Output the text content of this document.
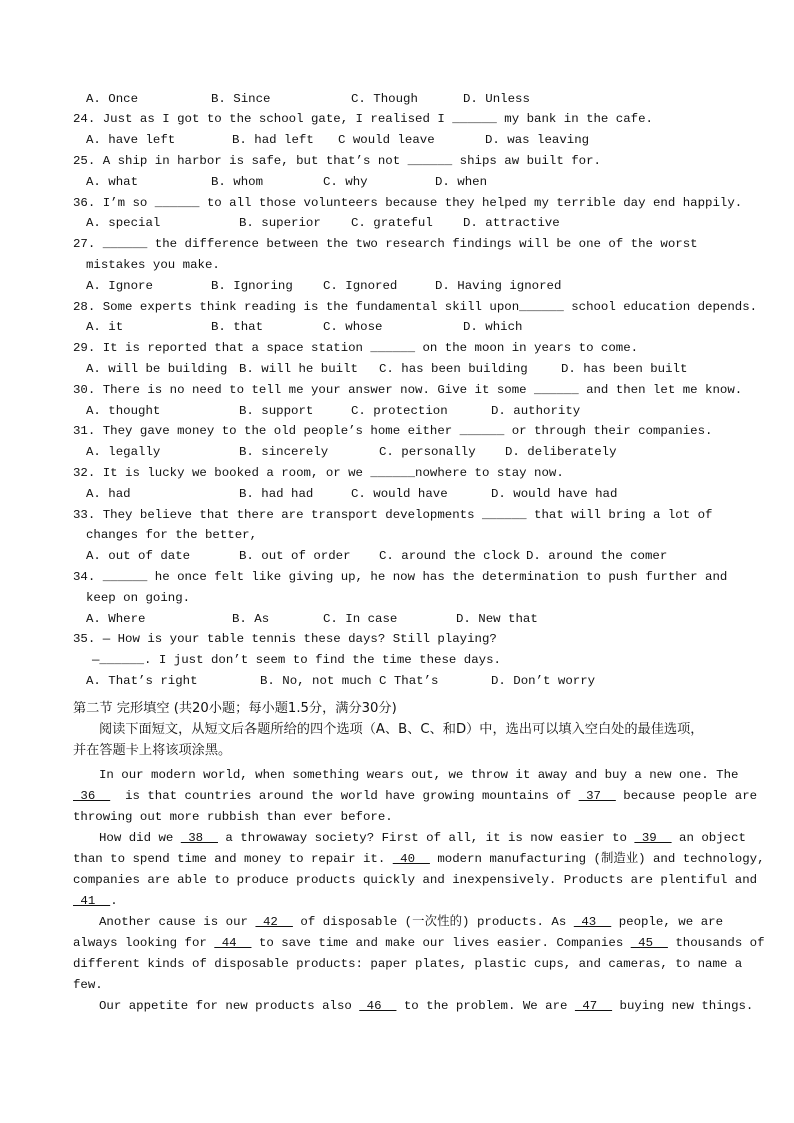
A. Once

	B. Since

	C. Though

	D. Unless

24. Just as I got to the school gate, I realised I ______ my bank in the cafe.

A. have left

	B. had left

C would leave

	D. was leaving

25. A ship in harbor is safe, but that’s not ______ ships aw built for.

A. what

	B. whom

	C. why

	D. when

36. I’m so ______ to all those volunteers because they helped my terrible day end happily.

A. special

	B. superior

C. grateful

D. attractive

27. ______ the difference between the two research findings will be one of the worst
mistakes you make.

A. Ignore

	B. Ignoring

C. Ignored

	D. Having ignored

28. Some experts think reading is the fundamental skill upon______ school education depends.

A. it

	B. that

	C. whose

	D. which

29. It is reported that a space station ______ on the moon in years to come.

A. will be building

B. will he built

C. has been building

	D. has been built

30. There is no need to tell me your answer now. Give it some ______ and then let me know.

A. thought

	B. support

	C. protection

	D. authority

31. They gave money to the old people’s home either ______ or through their companies.

A. legally

	B. sincerely

	C. personally

D. deliberately

32. It is lucky we booked a room, or we ______nowhere to stay now.

A. had

	B. had had

	C. would have

	D. would have had

33. They believe that there are transport developments ______ that will bring a lot of
changes for the better,

A. out of date

	B. out of order

C. around the clock

D. around the comer

34. ______ he once felt like giving up, he now has the determination to push further and
keep on going.

A. Where

	B. As

	C. In case

	D. New that

35. — How is your table tennis these days? Still playing?
—______. I just don’t seem to find the time these days.

A. That’s right

	B. No, not much C That’s

	D. Don’t worry

第二节 完形填空 (共20小题；每小题1.5分，满分30分)
阅读下面短文，从短文后各题所给的四个选项（A、B、C、和D）中，选出可以填入空白处的最佳选项，
并在答题卡上将该项涂黑。
In our modern world, when something wears out, we throw it away and buy a new one. The
36    is that countries around the world have growing mountains of  37   because people are
throwing out more rubbish than ever before.
How did we  38   a throwaway society? First of all, it is now easier to  39   an object
than to spend time and money to repair it.  40   modern manufacturing (制造业) and technology,
companies are able to produce products quickly and inexpensively. Products are plentiful and
41  .
Another cause is our  42   of disposable (一次性的) products. As  43   people, we are
always looking for  44   to save time and make our lives easier. Companies  45   thousands of
different kinds of disposable products: paper plates, plastic cups, and cameras, to name a
few.
Our appetite for new products also  46   to the problem. We are  47   buying new things.
